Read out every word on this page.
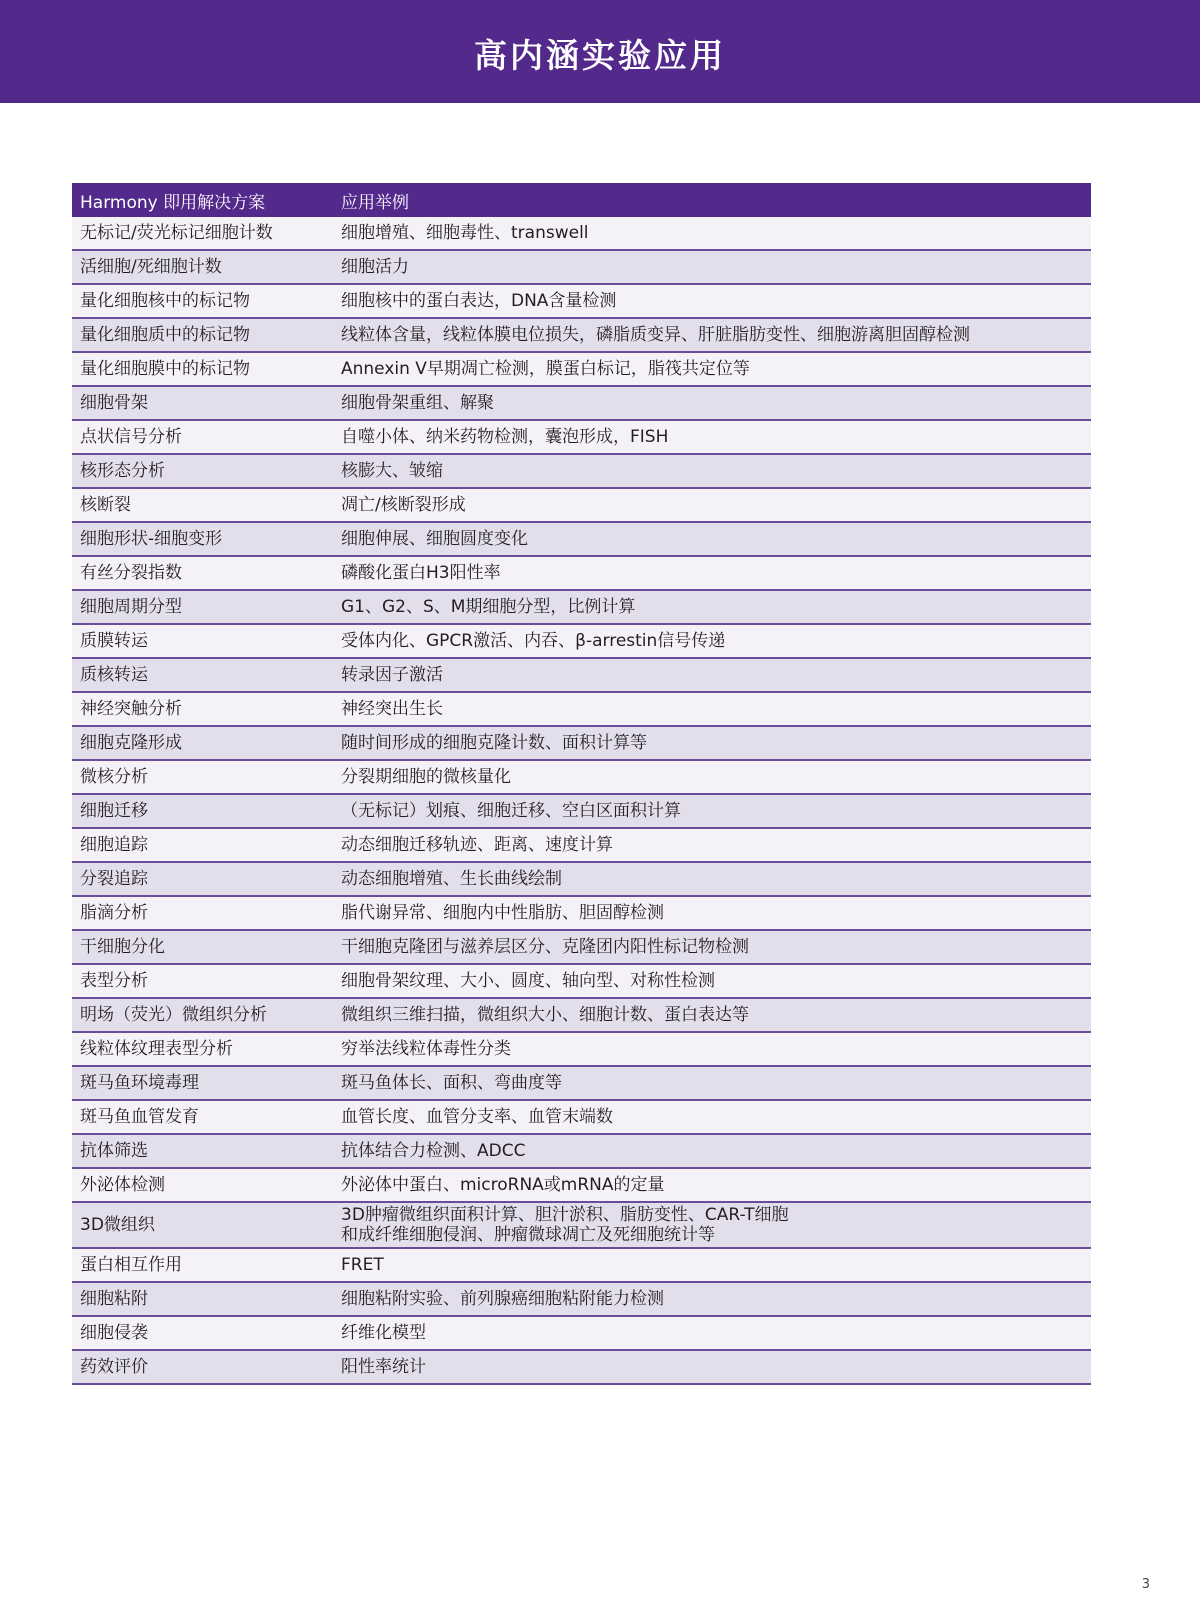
高内涵实验应用
Harmony 即用解决方案	应用举例
无标记/荧光标记细胞计数	细胞增殖、细胞毒性、transwell

活细胞/死细胞计数	细胞活力

量化细胞核中的标记物	细胞核中的蛋白表达，DNA含量检测

量化细胞质中的标记物	线粒体含量，线粒体膜电位损失，磷脂质变异、肝脏脂肪变性、细胞游离胆固醇检测

量化细胞膜中的标记物	Annexin V早期凋亡检测，膜蛋白标记，脂筏共定位等

细胞骨架	细胞骨架重组、解聚

点状信号分析	自噬小体、纳米药物检测，囊泡形成，FISH

核形态分析	核膨大、皱缩

核断裂	凋亡/核断裂形成

细胞形状-细胞变形	细胞伸展、细胞圆度变化

有丝分裂指数	磷酸化蛋白H3阳性率

细胞周期分型	G1、G2、S、M期细胞分型，比例计算

质膜转运	受体内化、GPCR激活、内吞、β-arrestin信号传递

质核转运	转录因子激活

神经突触分析	神经突出生长

细胞克隆形成	随时间形成的细胞克隆计数、面积计算等

微核分析	分裂期细胞的微核量化

细胞迁移	（无标记）划痕、细胞迁移、空白区面积计算

细胞追踪	动态细胞迁移轨迹、距离、速度计算

分裂追踪	动态细胞增殖、生长曲线绘制

脂滴分析	脂代谢异常、细胞内中性脂肪、胆固醇检测

干细胞分化	干细胞克隆团与滋养层区分、克隆团内阳性标记物检测

表型分析	细胞骨架纹理、大小、圆度、轴向型、对称性检测

明场（荧光）微组织分析	微组织三维扫描，微组织大小、细胞计数、蛋白表达等

线粒体纹理表型分析	穷举法线粒体毒性分类

斑马鱼环境毒理	斑马鱼体长、面积、弯曲度等

斑马鱼血管发育	血管长度、血管分支率、血管末端数

抗体筛选	抗体结合力检测、ADCC

外泌体检测	外泌体中蛋白、microRNA或mRNA的定量

3D微组织	3D肿瘤微组织面积计算、胆汁淤积、脂肪变性、CAR-T细胞
和成纤维细胞侵润、肿瘤微球凋亡及死细胞统计等

蛋白相互作用	FRET

细胞粘附	细胞粘附实验、前列腺癌细胞粘附能力检测

细胞侵袭	纤维化模型

药效评价	阳性率统计
3
